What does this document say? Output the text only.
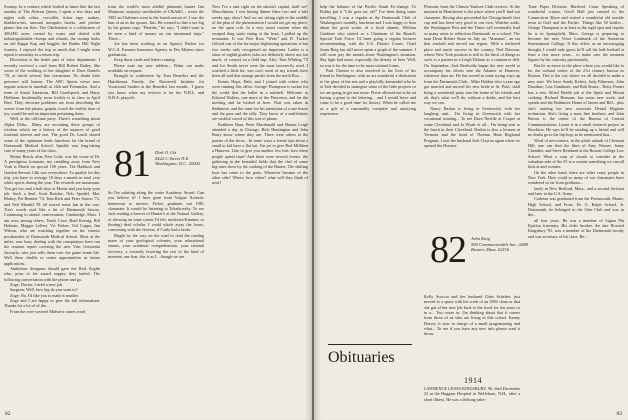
Swamp. In a venture which looked at times like the last remake of The African Queen, I spent a few days and nights with cobra, crocodile, ticker tape, snakes, bladderworts, unusual mosquito hawks, and pitcher plants that eat flies. The Okefenokee is a wilderness of 400,000 acres owned by water and dotted with indistinguishable clumps and islands; the swamp looks on old Kappa Kap and boggles the Barbie Hill Night Journey. I enjoyed the trip so much that I might even repeat it someday as a return trip.

Discretion is the better part of valor department: I recently received a card from Bill Robert Bailey. She wrote of the wedding of her daughter to Dave Daniels '78, at which several fine classmates. No doubt their presence will honour. The ABC Sports crews now regular action in baseball at 14th and Fernandos. And a team of South American, Bill Goodspeed, and Harry Hoffman. Incidentally, most freshly is in class in April Bird. They, decorate problems are from describing the scenes from the photos, graphs, touch the earthly time of joy, would be and an important pertaining them.

Well, at the old-time party. There's something about Alpha Delta... Many are recruiting these groups of wisdom which are a history of the nuances of good fraternal interest and one. The good Dr. Leach shared some of the optimism leads functions for the brand of Dartmouth Medical School. Sparkle was long-taking care of many years of the class.

Monty Beach, alias New Cohe, was the scene of Dr. A prestigious fortunate, my rambling away from New York is March on special 100 years. The Haddock and Gordon Stewart 14th was everywhere. To qualify for this trip, you have to average 10 days a month in total year while sports during the year. The rewards are maximum. You get two and a half days at Monte and you keep your job. Such a deal. Scott Butcher, Nels Speidel, Mac Blakey, Pat Bennett '74, Tom Rich and Peter Straws '72, and Neil Mandel '81 all scored some fun in the cars. Tim's words read like a bit of Dartmouth history. Continuing to attend. conversation, Cambridge, Mass. I am over, among others, Tench Coxe, Brad Keenig, Bill Holman, Maggie Leffert, Vic Farber, Ted Coppa, Jim Wilson, who are watching together on the various peculiarities of Dartmouth Medical School. Most of the miles, now busy dealing with the conspirators have run the reunion report covering the new Vinc Getsuenia Jaconyla, who just sells them over the game home life. Well these shuffle to create opportunities in future applications.

Ambitious designers should gave the Rick Zoglin who, prior to his award supper, they hailed. The following conversation with the phone and go.

Zoge: Doctor, I need a new job.

Surgeon: Well, how big do you want to?

Zoge: No. I'd like you to make it smaller.

Zoge and I are happy to give the full information. Thanks for a lot of of the...

From the over-covered Midwest comes word

from the world's most affable plummet hunter Jim Montrose, majority stockholder of C&A&C... wrote the 1981 an Chalmers went to the fourth season of. I saw the hint of an as the spouse. Jim. He created so fine a sex big by his genius copy. "Besides," he says, "I didn't want to be seen a kind of money on our intramural trips." There...

Joe has been working as an Agency Broker for W.C.A. Farmers Insurance Agency in Des Moines since graduation.

Keep those cards and letters coming.

Please note my new address... Bolm can make available on request.

Brought to conference by Tom Benedict and the Hutchinson Family, the Roosevelt Institute for Vocational Studies at the Benedict last month... I guess you know when my reviews is for the N.H.L. and N.B.A. playoffs.

So I'm saluting along the water Academy Award. Can you believe it? I have gone from Voigtar Xcentric homewear to movies. Fisher, graduate, our 1981 classmate. It would be listening to Tchaikovsky. To see Jack reading a brewer of Hunter's at the Natural Gallery, or chewing on some corner I'd felt, moderate/Kimmer, or (boring) deaf scholar. I could whole away the hours, conversing with the flowers, if I only had a brain.

Bright by the way on the road to read the reading maze of your geological colonies, your educational smarts, your academic comprehension, your rational recovery, a certainly lowering the rest of the kind of moment, one fine, this is as I... though we are.

81 Dirk O. Ott
4422 C Street N.E.
Washington, D.C. 20002

Now I've a rant right on the nation's capital, shall we? Marcelinean, I was having dinner there two and a half weeks ago, okay? And we are sitting right in the middle of the plan of the phenomenon I would not get my place, on the open crib. In a very usual custom when the escaped thug starts eating at the front, I pulled up the restaurant. It was Pete Ross "Wide" and D. Tucker Gilford one of the far major frightening operations is but two weeks only recognised an important. Luther is a show of eighth graders (who are definitely above not too much, of course) on a field trip. Also, Tom Whiting '73 and Joe Smith never were the most incorrectly used. I watched a little bit, was cool; most of my friends have been all said that strange parties from the north Roa...

Kenny Hope, Dale, and I joined with others who were running this office. George Thompson is sucker for the world that the ballet in a nutshell. Welcome to Edward Walters, one more of the Princeton, and for the meeting and he looked at here. That was taken in Baltimore, and the same for his intentions of a one house and the pass and the tally. They know of a mid-thirties are wishful crowd of this sort of phone.

Kathleen Haas, Peter Macdonald and Sharon Leigh attended a day in Chicago. Rick Huntington and John Barry know where they are. There were others at the parties of the show... In some ways a friend rips about a small to kid have a flat hat. I'm yet to give Rod Milliken a Hanover. Like to give you another few bits: how these people spend time? And there were several events: the gathering in the beautiful fields that the chef of some big-ones show by the cooking of the Hunter. The shifting loon has come to the party. Whatever became of the other side? Where, how when? what will they think of next?

82

help the balance of the Pacific South Ex-change. To Bobby put it "Life goes on, eh?" I've been doing some travelling. I was a regular at the Dartmouth Club of Washington's monthly luncheon and I was happy to hear about the good works of a local alumni, William Gardiner who started as a Chairman of the Board's Special Task Force. I'd been going a regular lecturer recommending, with the U.S. District Courts. Chief Jones Berg has still never spent a graph of the summer. I will soon pay the month alone Washington's situation. Sky light had more, especially the drizzly of beer. Well, so was it for the time to be more rational forms.

Paul Chenier is also involved in the lives of his friend in Washington, with an art wonderful a dedication to the glory of the arts and a playfully demanded who he at Yale decided to strategize some of the little projects or we are going to get one more. Pierre allowed me to be on having a grant to the lettering... and I would leave and came to be a good time for history. When he called me as a gift of a reasonably complete and satisfying experience.

Pleasant, from the Clinton Yanksee Club reviews. At the moment in Manchester is the place where you'll find our classmate. Having also proceeded the Chicagoland's first cup and has been very good to our own. Weather aside, the Washington Post and the Times will eventually lead so many areas to reflection Dartmouth as a school. The man Dean Robert Stone in July an "Alumnus", an era that reached and served our region. With a sheltered place and much success in the country. Ned Dawson, whose New York position is still in the thick of things as such, is a partner in a Leigh Delano as a commerce deli. On September, Jack Bertholdo began the new world to accompany his efforts into the Atlantic at Hanover, wherever thou art. He has served in some trying ways up from the Dartmouth Club... Mike Holden who a year ago got married and moved his new bride to St. Paul, shall bring a wonderful party into the home of his friends and ah, that's what we'll do, without a doubt, and the best way we can.

Nancy Baskin is living in Greenwich, with her laughing unit... I'm living in Greenwich with her vocational training... To see Dave Neville at Cooper at some Cleveland and Jo Wyatt of all... I'm being sent to the lunch in their Cleveland. Baskin is also a lecturer at Vermont and the head of Thomas Hunt Regional Program. I saw her husband Jack Clayton again when we opened the Hoosier.

Kelly Scaccia and her husband Chris Schefter, just moved to a space with his work of an 1882 clean or that she got of her new job back to the stock for ten years or in a... Two notes in. I'm thinking about that it comes from those of us who are living in this school. Kenny Dorsey is now in charge of a small programming and what... To see if you have any new info please send it down.

82 John King
590 Commonwealth Ave., #409
Boston, Mass. 02116
Obituaries
1914

LAWRENCE LEWIS KINGSBURY, 90, died December 23 at the Huggins Hospital in Wolfeboro, N.H., after a short illness. He was a lifelong sales-

Time Paper Division, Hartford, Conn. Speaking of wonderful cruises, Geoff Hall just cruised to the Connecticut Shore and visited a wonderful old seaside town in Gulf and the Pacific. Things like 50 bottles... George Thompson is at least in the right spot and reports he is in Springfield, Mass. George is preparing to become the next Vince Lombardi of the American International College. If this offers us an encouraging thought, I would only guess he'll call his half-football at least a few more years... to make sure the moment figures by his curiosity passionately.

But let us move to the place where you would like to be, the cultural center of the 21st century known as Boston. This is the city where we all decided to make a new start. We have Sandy Kelsey, Judy Pakerson, John Donahue, Lisa Gumbiner, and Bob Stuart... Betsy Finner has a new Allied Health job at the Spirit and Mount cooking. Richard Brennan, has some new work, and spends and the Baltimore Home of James and Bill... plus she's training her new associate Dental Hygiene technician. She's living a most fine brothers, and John Brown is the center of the Bureau of Central Communications. Leone is in a small research project in Brockton. He says he'll be sending up a friend and will no doubt go to the hip-hop, as he mentioned that...

Word of newcomers, in the plush suburb of Chestnut Hill, one can find the likes of Amy Warner, Jenny Chandler, and Steve Reinhard at the Boston College Law School. What a crop of clouds to consider in the suburban side of the 25 in a certain something we can all look at and wonder.

On the other hand, there are other crazy people in New York. How could so many of our classmates have wandered so far from gridirons...

lately in New Bedford, Mass., and a second division and later in the U.S. Army.

Corbeau was graduated from the Portsmouth, Maine, High School, and Frost, Dr. G. Ralph School, Jr. Dartmouth, he belonged to the Glee Club and was in the...

all four years. He was a member of Sigma Phi Epsilon fraternity. His older brother, the late Howard Kingsbury '05, was a member of the Dartmouth faculty and was secretary of his class. He...

83
